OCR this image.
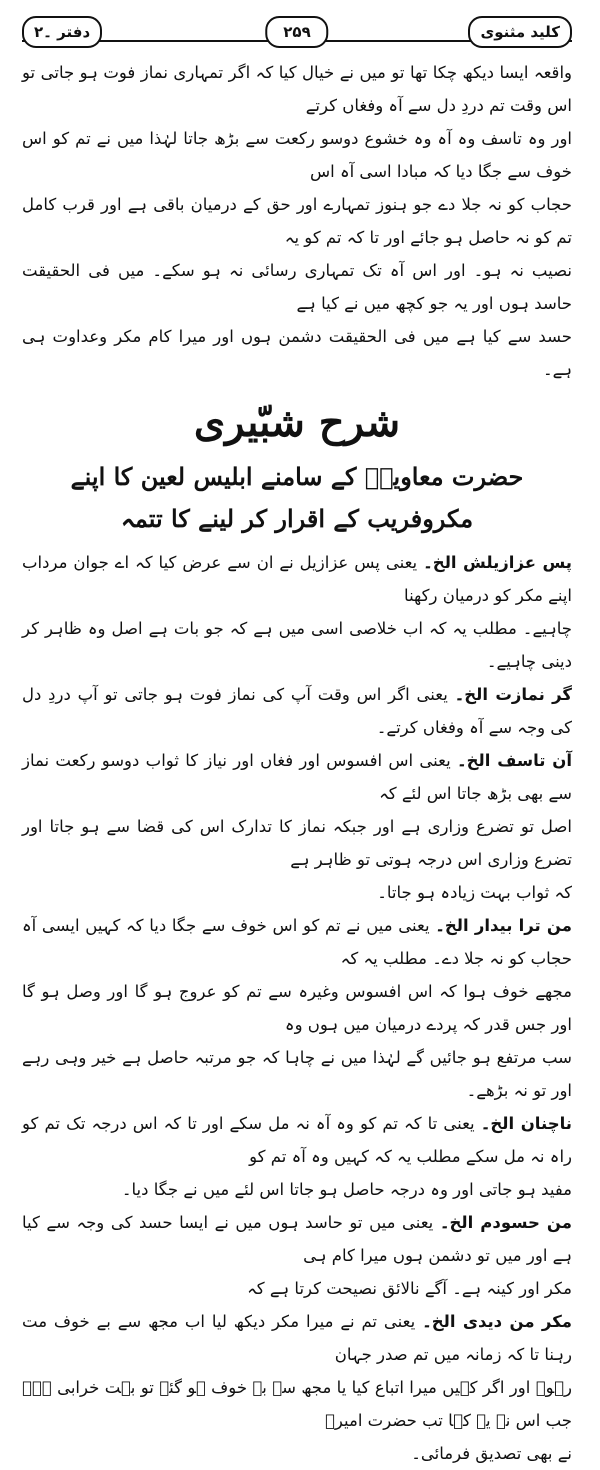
کلید مثنوی
۲۵۹
دفتر ۔۲

واقعہ ایسا دیکھ چکا تھا تو میں نے خیال کیا کہ اگر تمہاری نماز فوت ہو جاتی تو اس وقت تم دردِ دل سے آہ وفغاں کرتے

اور وہ تاسف وہ آہ وہ خشوع دوسو رکعت سے بڑھ جاتا لہٰذا میں نے تم کو اس خوف سے جگا دیا کہ مبادا اسی آہ اس

حجاب کو نہ جلا دے جو ہنوز تمہارے اور حق کے درمیان باقی ہے اور قرب کامل تم کو نہ حاصل ہو جائے اور تا کہ تم کو یہ

نصیب نہ ہو۔ اور اس آہ تک تمہاری رسائی نہ ہو سکے۔ میں فی الحقیقت حاسد ہوں اور یہ جو کچھ میں نے کیا ہے

حسد سے کیا ہے میں فی الحقیقت دشمن ہوں اور میرا کام مکر وعداوت ہی ہے۔

شرح شبّیری
حضرت معاویہؓ کے سامنے ابلیس لعین کا اپنے
مکروفریب کے اقرار کر لینے کا تتمہ

پس عزازیلش الخ۔ یعنی پس عزازیل نے ان سے عرض کیا کہ اے جوان مرداب اپنے مکر کو درمیان رکھنا

چاہیے۔ مطلب یہ کہ اب خلاصی اسی میں ہے کہ جو بات ہے اصل وہ ظاہر کر دینی چاہیے۔

گر نمازت الخ۔ یعنی اگر اس وقت آپ کی نماز فوت ہو جاتی تو آپ دردِ دل کی وجہ سے آہ وفغاں کرتے۔

آن تاسف الخ۔ یعنی اس افسوس اور فغاں اور نیاز کا ثواب دوسو رکعت نماز سے بھی بڑھ جاتا اس لئے کہ

اصل تو تضرع وزاری ہے اور جبکہ نماز کا تدارک اس کی قضا سے ہو جاتا اور تضرع وزاری اس درجہ ہوتی تو ظاہر ہے

کہ ثواب بہت زیادہ ہو جاتا۔

من ترا بیدار الخ۔ یعنی میں نے تم کو اس خوف سے جگا دیا کہ کہیں ایسی آہ حجاب کو نہ جلا دے۔ مطلب یہ کہ

مجھے خوف ہوا کہ اس افسوس وغیرہ سے تم کو عروج ہو گا اور وصل ہو گا اور جس قدر کہ پردے درمیان میں ہوں وہ

سب مرتفع ہو جائیں گے لہٰذا میں نے چاہا کہ جو مرتبہ حاصل ہے خیر وہی رہے اور تو نہ بڑھے۔

ناچنان الخ۔ یعنی تا کہ تم کو وہ آہ نہ مل سکے اور تا کہ اس درجہ تک تم کو راہ نہ مل سکے مطلب یہ کہ کہیں وہ آہ تم کو

مفید ہو جاتی اور وہ درجہ حاصل ہو جاتا اس لئے میں نے جگا دیا۔

من حسودم الخ۔ یعنی میں تو حاسد ہوں میں نے ایسا حسد کی وجہ سے کیا ہے اور میں تو دشمن ہوں میرا کام ہی

مکر اور کینہ ہے۔ آگے نالائق نصیحت کرتا ہے کہ

مکر من دیدی الخ۔ یعنی تم نے میرا مکر دیکھ لیا اب مجھ سے بے خوف مت رہنا تا کہ زمانہ میں تم صدر جہان

رہو۔ اور اگر کہیں میرا اتباع کیا یا مجھ سے بے خوف ہو گئے تو بہت خرابی ہے۔ جب اس نے یہ کہا تب حضرت امیرؓ

نے بھی تصدیق فرمائی۔
